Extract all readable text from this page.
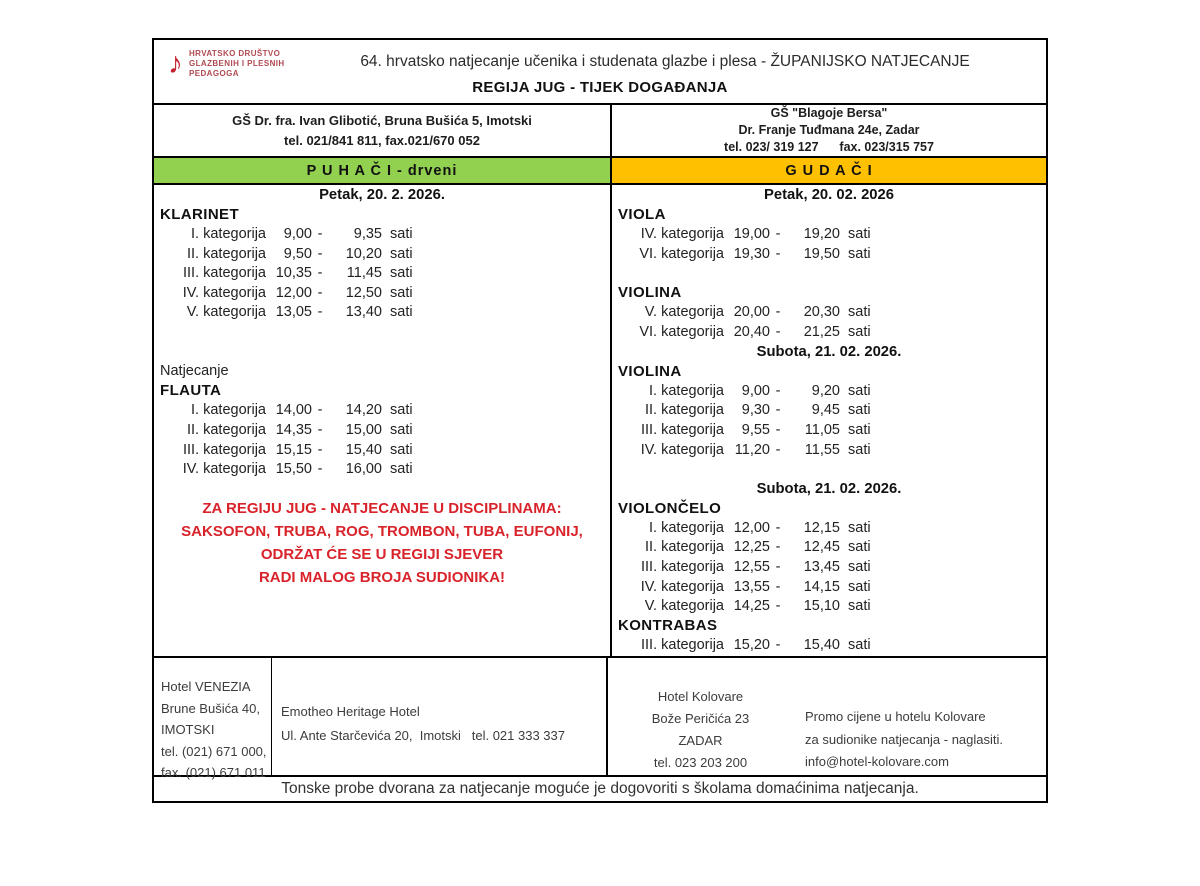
♪ HRVATSKO DRUŠTVO
GLAZBENIH I PLESNIH
PEDAGOGA
64. hrvatsko natjecanje učenika i studenata glazbe i plesa - ŽUPANIJSKO NATJECANJE
REGIJA JUG - TIJEK DOGAĐANJA
GŠ Dr. fra. Ivan Glibotić, Bruna Bušića 5, Imotski
tel. 021/841 811, fax.021/670 052
GŠ "Blagoje Bersa"
Dr. Franje Tuđmana 24e, Zadar
tel. 023/ 319 127      fax. 023/315 757
P U H A Č I - drveni	G U D A Č I
Petak, 20. 2. 2026.
KLARINET
I. kategorija	9,00 -	9,35 sati
II. kategorija	9,50 -	10,20 sati
III. kategorija 10,35 -	11,45 sati
IV. kategorija 12,00 -	12,50 sati
V. kategorija 13,05 -	13,40 sati
Natjecanje
FLAUTA
I. kategorija 14,00 -	14,20 sati
II. kategorija 14,35 -	15,00 sati
III. kategorija 15,15 -	15,40 sati
IV. kategorija 15,50 -	16,00 sati
ZA REGIJU JUG - NATJECANJE U DISCIPLINAMA:
SAKSOFON, TRUBA, ROG, TROMBON, TUBA, EUFONIJ,
ODRŽAT ĆE SE U REGIJI SJEVER
RADI MALOG BROJA SUDIONIKA!
Petak, 20. 02. 2026
VIOLA
IV. kategorija 19,00 -	19,20 sati
VI. kategorija 19,30 -	19,50 sati
VIOLINA
V. kategorija 20,00 -	20,30 sati
VI. kategorija 20,40 -	21,25 sati
Subota, 21. 02. 2026.
VIOLINA
I. kategorija	9,00 -	9,20 sati
II. kategorija	9,30 -	9,45 sati
III. kategorija	9,55 -	11,05 sati
IV. kategorija 11,20 -	11,55 sati
Subota, 21. 02. 2026.
VIOLONČELO
I. kategorija 12,00 -	12,15 sati
II. kategorija 12,25 -	12,45 sati
III. kategorija 12,55 -	13,45 sati
IV. kategorija 13,55 -	14,15 sati
V. kategorija 14,25 -	15,10 sati
KONTRABAS
III. kategorija 15,20 -	15,40 sati
Hotel VENEZIA
Brune Bušića 40,
IMOTSKI
tel. (021) 671 000,
fax. (021) 671 011
Emotheo Heritage Hotel
Ul. Ante Starčevića 20,  Imotski   tel. 021 333 337
Hotel Kolovare
Bože Peričića 23
ZADAR
tel. 023 203 200
Promo cijene u hotelu Kolovare
za sudionike natjecanja - naglasiti.
info@hotel-kolovare.com
Tonske probe dvorana za natjecanje moguće je dogovoriti s školama domaćinima natjecanja.
